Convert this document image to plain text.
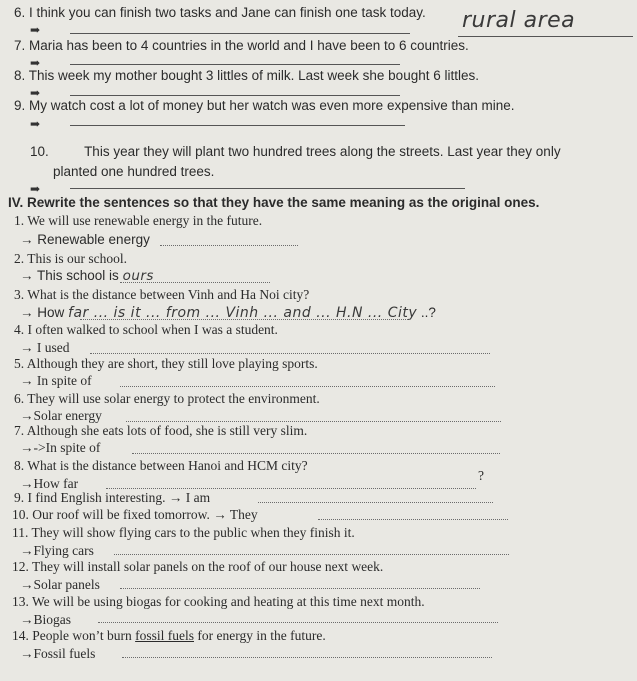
6. I think you can finish two tasks and Jane can finish one task today. rural area
➡
7. Maria has been to 4 countries in the world and I have been to 6 countries.
➡
8. This week my mother bought 3 littles of milk. Last week she bought 6 littles.
➡
9. My watch cost a lot of money but her watch was even more expensive than mine.
➡
10.	This year they will plant two hundred trees along the streets. Last year they only
planted one hundred trees.
➡
IV. Rewrite the sentences so that they have the same meaning as the original ones.
1. We will use renewable energy in the future.
→ Renewable energy
2. This is our school.
→ This school is ours
3. What is the distance between Vinh and Ha Noi city?
→ How far ... is it ... from ... Vinh ... and ... H.N ... City ..?
4. I often walked to school when I was a student.
→ I used
5. Although they are short, they still love playing sports.
→ In spite of
6. They will use solar energy to protect the environment.
→Solar energy
7. Although she eats lots of food, she is still very slim.
→->In spite of
8. What is the distance between Hanoi and HCM city?
→How far
?
9. I find English interesting. → I am
10. Our roof will be fixed tomorrow. → They
11. They will show flying cars to the public when they finish it.
→Flying cars
12. They will install solar panels on the roof of our house next week.
→Solar panels
13. We will be using biogas for cooking and heating at this time next month.
→Biogas
14. People won’t burn fossil fuels for energy in the future.
→Fossil fuels
